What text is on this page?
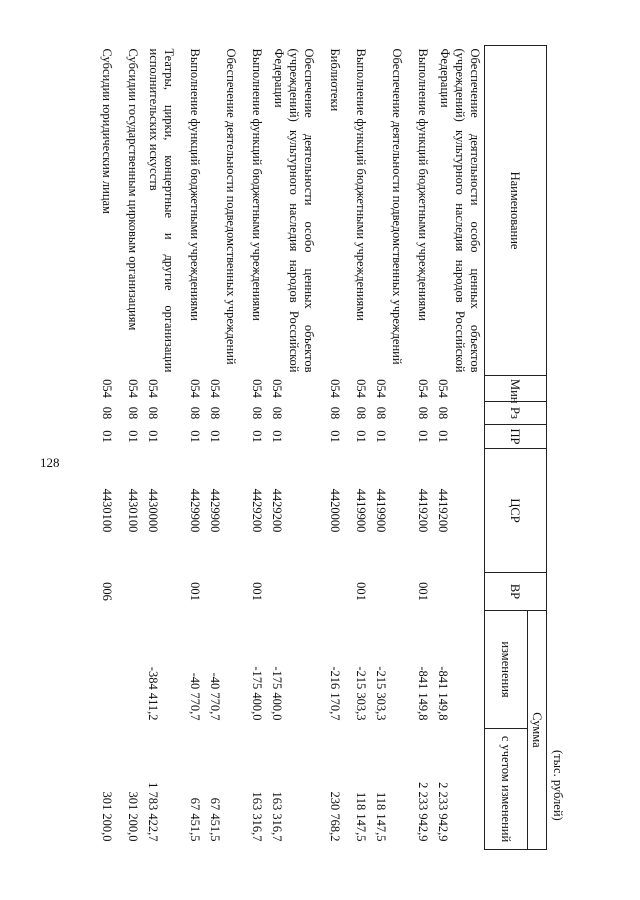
128
(тыс. рублей)
Наименование	Мин	Рз	ПР	ЦСР	ВР	Сумма	
						изменения	с учетом изменений
Обеспечение деятельности особо ценных объектов (учреждений) культурного наследия народов Российской Федерации	054	08	01	4419200		-841 149,8	2 233 942,9
Выполнение функций бюджетными учреждениями	054	08	01	4419200	001	-841 149,8	2 233 942,9
Обеспечение деятельности подведомственных учреждений	054	08	01	4419900		-215 303,3	118 147,5
Выполнение функций бюджетными учреждениями	054	08	01	4419900	001	-215 303,3	118 147,5
Библиотеки	054	08	01	4420000		-216 170,7	230 768,2
Обеспечение деятельности особо ценных объектов (учреждений) культурного наследия народов Российской Федерации	054	08	01	4429200		-175 400,0	163 316,7
Выполнение функций бюджетными учреждениями	054	08	01	4429200	001	-175 400,0	163 316,7
Обеспечение деятельности подведомственных учреждений	054	08	01	4429900		-40 770,7	67 451,5
Выполнение функций бюджетными учреждениями	054	08	01	4429900	001	-40 770,7	67 451,5
Театры, цирки, концертные и другие организации исполнительских искусств	054	08	01	4430000		-384 411,2	1 783 422,7
Субсидии государственным цирковым организациям	054	08	01	4430100			301 200,0
Субсидии юридическим лицам	054	08	01	4430100	006		301 200,0
